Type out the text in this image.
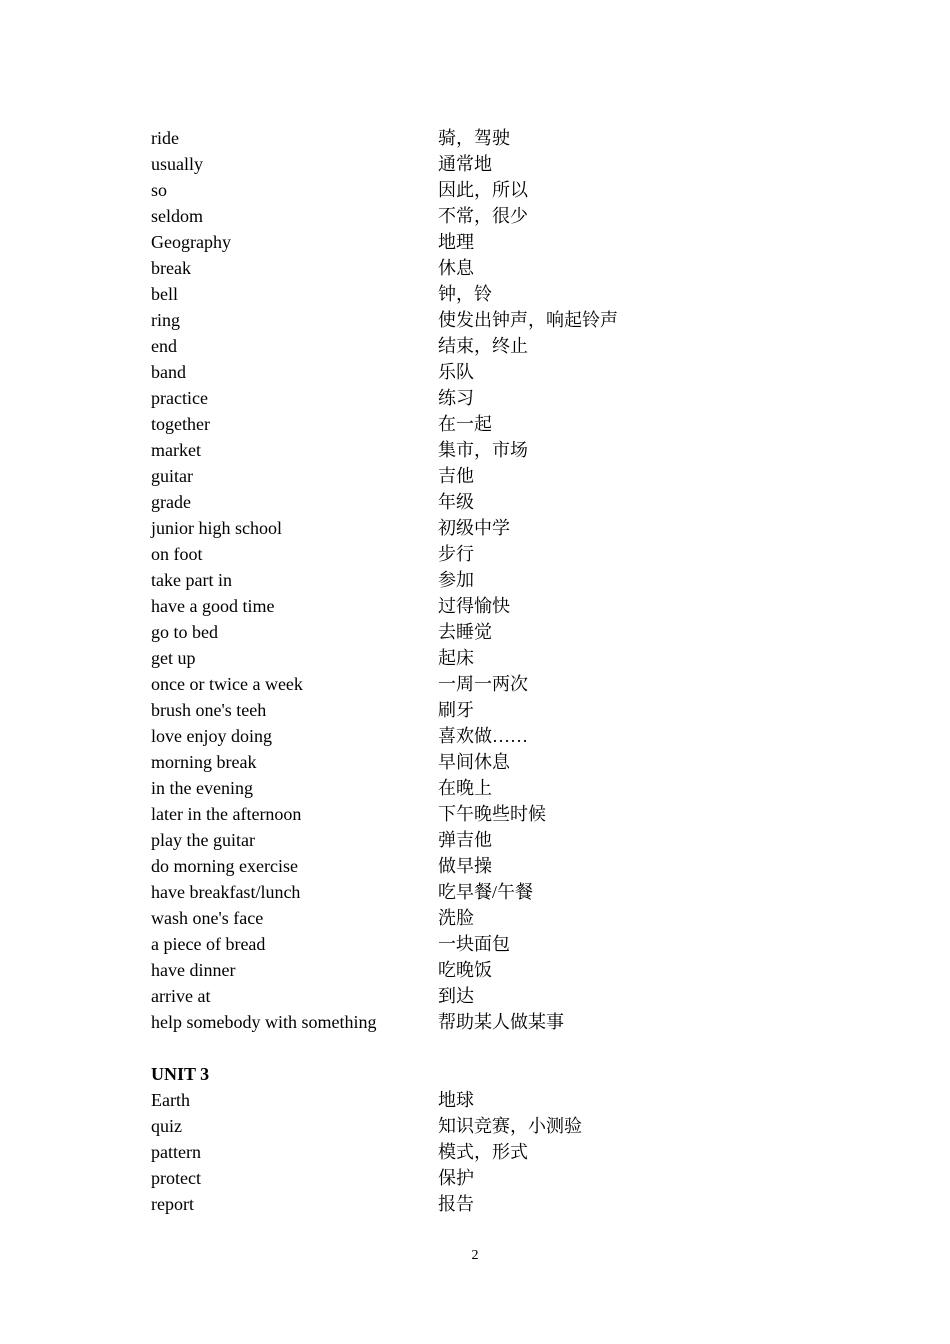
ride	骑，驾驶
usually	通常地
so	因此，所以
seldom	不常，很少
Geography	地理
break	休息
bell	钟，铃
ring	使发出钟声，响起铃声
end	结束，终止
band	乐队
practice	练习
together	在一起
market	集市，市场
guitar	吉他
grade	年级
junior high school	初级中学
on foot	步行
take part in	参加
have a good time	过得愉快
go to bed	去睡觉
get up	起床
once or twice a week	一周一两次
brush one's teeh	刷牙
love enjoy doing	喜欢做……
morning break	早间休息
in the evening	在晚上
later in the afternoon	下午晚些时候
play the guitar	弹吉他
do morning exercise	做早操
have breakfast/lunch	吃早餐/午餐
wash one's face	洗脸
a piece of bread	一块面包
have dinner	吃晚饭
arrive at	到达
help somebody with something	帮助某人做某事
UNIT 3
Earth	地球
quiz	知识竞赛，小测验
pattern	模式，形式
protect	保护
report	报告
2
